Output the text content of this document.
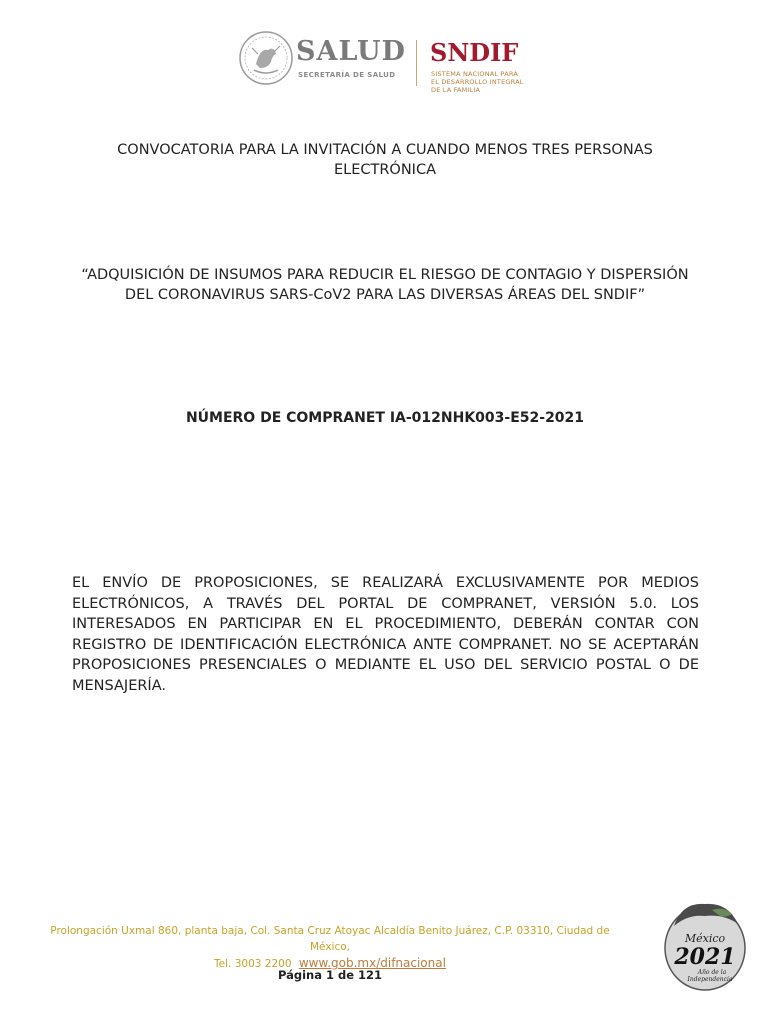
SALUD
SECRETARÍA DE SALUD
SNDIF
SISTEMA NACIONAL PARA
EL DESARROLLO INTEGRAL
DE LA FAMILIA
CONVOCATORIA PARA LA INVITACIÓN A CUANDO MENOS TRES PERSONAS ELECTRÓNICA
“ADQUISICIÓN DE INSUMOS PARA REDUCIR EL RIESGO DE CONTAGIO Y DISPERSIÓN DEL CORONAVIRUS SARS-CoV2 PARA LAS DIVERSAS ÁREAS DEL SNDIF”
NÚMERO DE COMPRANET IA-012NHK003-E52-2021
EL ENVÍO DE PROPOSICIONES, SE REALIZARÁ EXCLUSIVAMENTE POR MEDIOS ELECTRÓNICOS, A TRAVÉS DEL PORTAL DE COMPRANET, VERSIÓN 5.0. LOS INTERESADOS EN PARTICIPAR EN EL PROCEDIMIENTO, DEBERÁN CONTAR CON REGISTRO DE IDENTIFICACIÓN ELECTRÓNICA ANTE COMPRANET. NO SE ACEPTARÁN PROPOSICIONES PRESENCIALES O MEDIANTE EL USO DEL SERVICIO POSTAL O DE MENSAJERÍA.
Prolongación Uxmal 860, planta baja, Col. Santa Cruz Atoyac Alcaldía Benito Juárez, C.P. 03310, Ciudad de México,
Tel. 3003 2200 www.gob.mx/difnacional
Página 1 de 121
México
2021
Año de la
Independencia
